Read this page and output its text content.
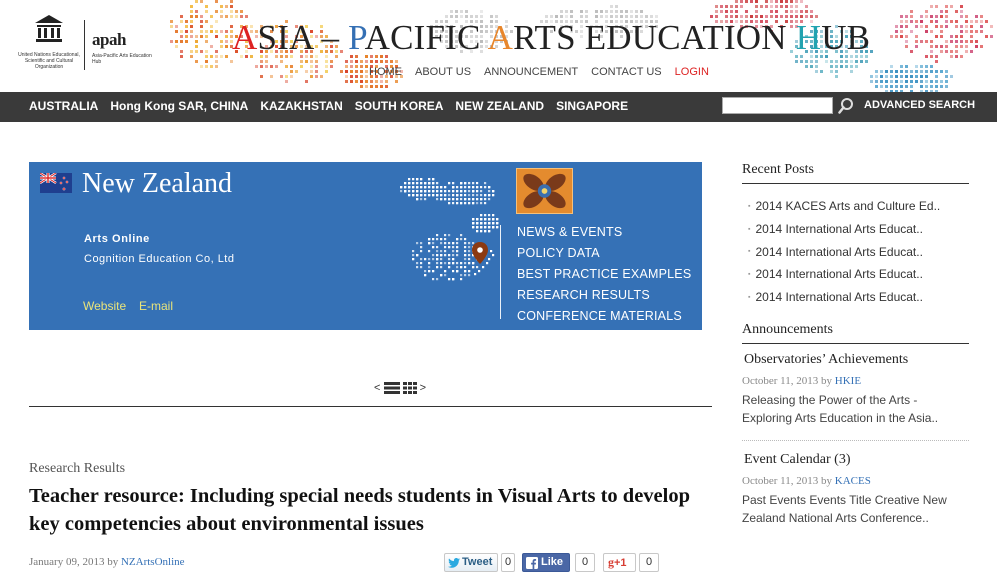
United Nations Educational, Scientific and Cultural Organization
apah
Asia-Pacific Arts Education Hub
ASIA – PACIFIC ARTS EDUCATION HUB
HOME ABOUT US ANNOUNCEMENT CONTACT US LOGIN
AUSTRALIA Hong Kong SAR, CHINA KAZAKHSTAN SOUTH KOREA NEW ZEALAND SINGAPORE	ADVANCED SEARCH
New Zealand
Arts Online
Cognition Education Co, Ltd
Website E-mail
NEWS & EVENTS
POLICY DATA
BEST PRACTICE EXAMPLES
RESEARCH RESULTS
CONFERENCE MATERIALS
<	>
Research Results
Teacher resource: Including special needs students in Visual Arts to develop key competencies about environmental issues
January 09, 2013 by NZArtsOnline	Tweet	0	Like	0	g+1	0
Recent Posts
▪ 2014 KACES Arts and Culture Ed..
▪ 2014 International Arts Educat..
▪ 2014 International Arts Educat..
▪ 2014 International Arts Educat..
▪ 2014 International Arts Educat..
Announcements
Observatories’ Achievements
October 11, 2013 by HKIE
Releasing the Power of the Arts - Exploring Arts Education in the Asia..
Event Calendar (3)
October 11, 2013 by KACES
Past Events Events Title Creative New Zealand National Arts Conference..
